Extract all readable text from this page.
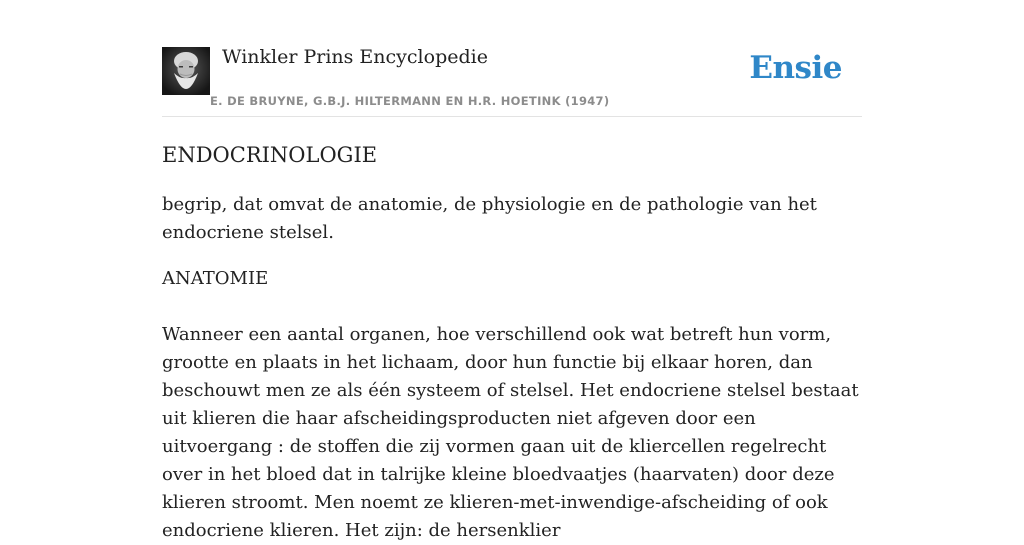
Winkler Prins Encyclopedie
E. DE BRUYNE, G.B.J. HILTERMANN EN H.R. HOETINK (1947)
Ensie
ENDOCRINOLOGIE

begrip, dat omvat de anatomie, de physiologie en de pathologie van het endocriene stelsel.

ANATOMIE

Wanneer een aantal organen, hoe verschillend ook wat betreft hun vorm, grootte en plaats in het lichaam, door hun functie bij elkaar horen, dan beschouwt men ze als één systeem of stelsel. Het endocriene stelsel bestaat uit klieren die haar afscheidingsproducten niet afgeven door een uitvoergang : de stoffen die zij vormen gaan uit de kliercellen regelrecht over in het bloed dat in talrijke kleine bloedvaatjes (haarvaten) door deze klieren stroomt. Men noemt ze klieren-met-inwendige-afscheiding of ook endocriene klieren. Het zijn: de hersenklier
